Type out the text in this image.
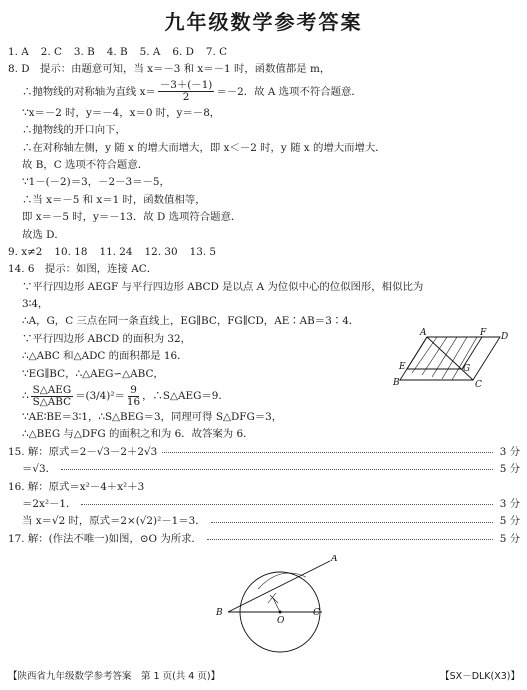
九年级数学参考答案
1. A 2. C 3. B 4. B 5. A 6. D 7. C
8. D　提示：由题意可知，当 x＝－3 和 x＝－1 时，函数值都是 m，
∴抛物线的对称轴为直线 $x= \frac{-3+(-1)}{2} =-2$．故 A 选项不符合题意．
∵x＝－2 时，y＝－4，x＝0 时，y＝－8，
∴抛物线的开口向下，
∴在对称轴左侧，y 随 x 的增大而增大，即 x＜－2 时，y 随 x 的增大而增大．
故 B，C 选项不符合题意．
∵1－(－2)＝3，－2－3＝－5，
∴当 x＝－5 和 x＝1 时，函数值相等，
即 x＝－5 时，y＝－13．故 D 选项符合题意．
故选 D．
9. x≠2 10. 18 11. 24 12. 30 13. 5
14. 6　提示：如图，连接 AC．
∵平行四边形 AEGF 与平行四边形 ABCD 是以点 A 为位似中心的位似图形，相似比为
3∶4，
∴A，G，C 三点在同一条直线上，EG∥BC，FG∥CD，AE∶AB＝3∶4．
∵平行四边形 ABCD 的面积为 32，
∴△ABC 和△ADC 的面积都是 16．
∵EG∥BC，∴△AEG∽△ABC，
∴ $\frac{\text{S△AEG}}{\text{S△ABC}} =(3/4)^2= \frac{9}{16}$ ，∴S△AEG＝9．
∵AE∶BE＝3∶1，∴S△BEG＝3，同理可得 S△DFG＝3，
∴△BEG 与△DFG 的面积之和为 6．故答案为 6．
15. 解：原式＝2－√3－2＋2√3	3 分
＝√3．	5 分
16. 解：原式＝x²－4＋x²＋3
＝2x²－1．	3 分
当 x＝√2 时，原式＝2×(√2)²－1＝3．	5 分
17. 解：(作法不唯一)如图，⊙O 为所求．	5 分
A	F D
E	G
B	C
A
B
O
C
【陕西省九年级数学参考答案　第 1 页(共 4 页)】	【SX－DLK(X3)】
